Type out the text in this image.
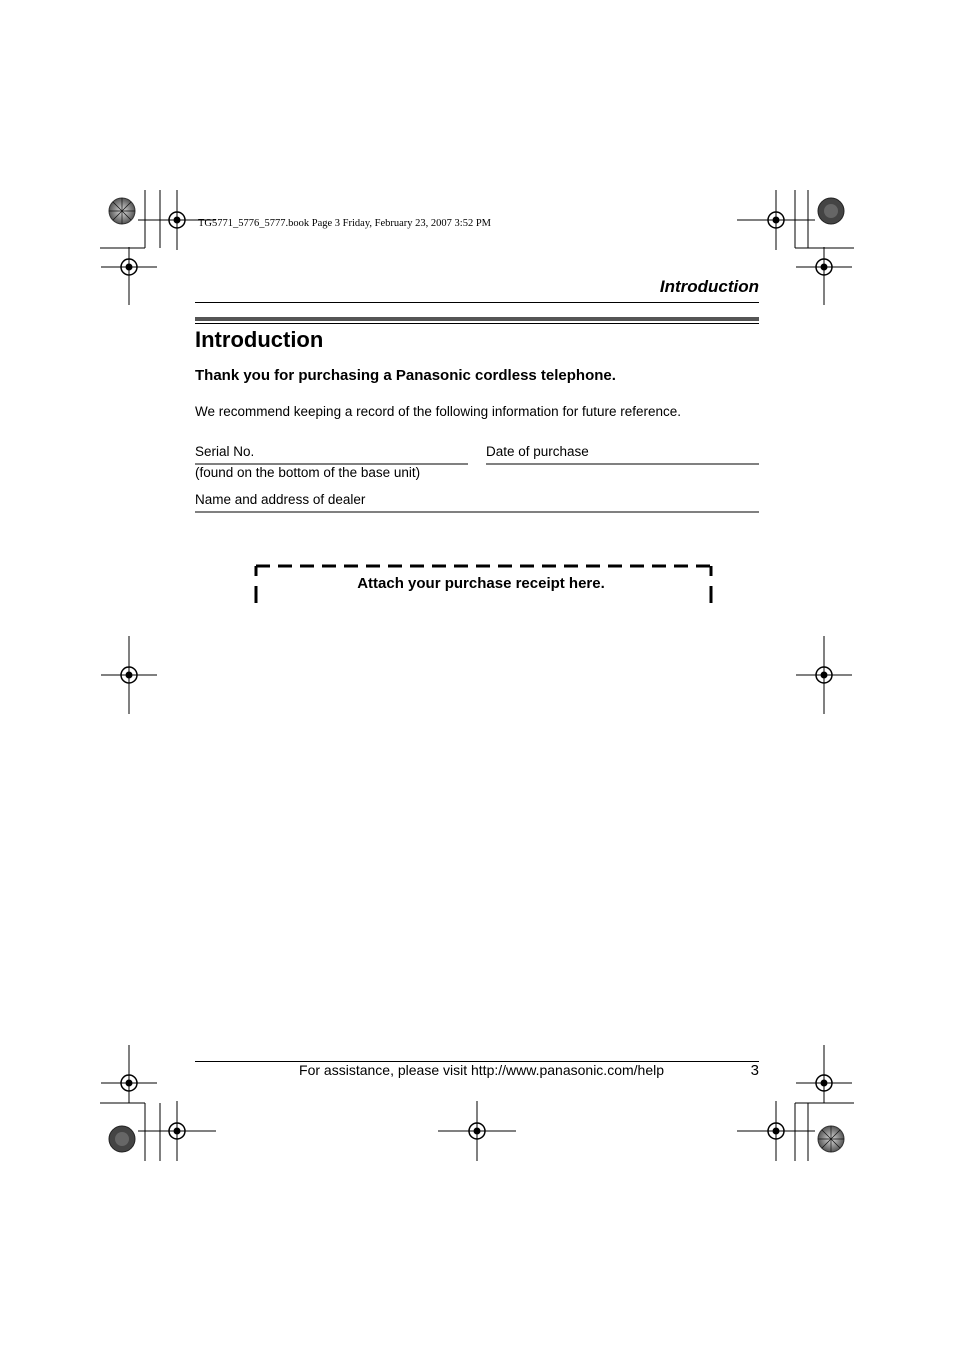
TG5771_5776_5777.book Page 3 Friday, February 23, 2007 3:52 PM
Introduction
Introduction
Thank you for purchasing a Panasonic cordless telephone.
We recommend keeping a record of the following information for future reference.
Serial No.	Date of purchase
(found on the bottom of the base unit)
Name and address of dealer
Attach your purchase receipt here.
For assistance, please visit http://www.panasonic.com/help	3
